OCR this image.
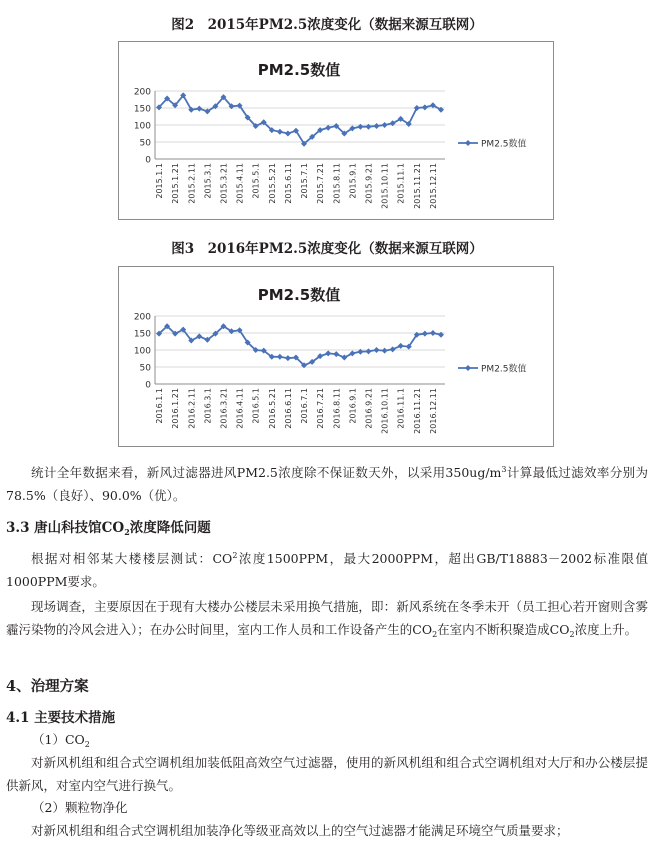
图2　2015年PM2.5浓度变化（数据来源互联网）
PM2.5数值
0
50
100
150
200
2015.1.1 2015.1.21 2015.2.11 2015.3.1 2015.3.21 2015.4.11 2015.5.1 2015.5.21 2015.6.11 2015.7.1 2015.7.21 2015.8.11 2015.9.1 2015.9.21 2015.10.11 2015.11.1 2015.11.21 2015.12.11
PM2.5数值
图3　2016年PM2.5浓度变化（数据来源互联网）
PM2.5数值
0
50
100
150
200
2016.1.1 2016.1.21 2016.2.11 2016.3.1 2016.3.21 2016.4.11 2016.5.1 2016.5.21 2016.6.11 2016.7.1 2016.7.21 2016.8.11 2016.9.1 2016.9.21 2016.10.11 2016.11.1 2016.11.21 2016.12.11
PM2.5数值
统计全年数据来看，新风过滤器进风PM2.5浓度除不保证数天外，以采用$350ug/m^3$计算最低过滤效率分别为78.5%（良好）、90.0%（优）。
3.3 唐山科技馆$CO_2$浓度降低问题
根据对相邻某大楼楼层测试：$CO^2$浓度1500PPM，最大2000PPM，超出GB/T18883－2002标准限值1000PPM要求。
现场调查，主要原因在于现有大楼办公楼层未采用换气措施，即：新风系统在冬季未开（员工担心若开窗则含雾霾污染物的冷风会进入）；在办公时间里，室内工作人员和工作设备产生的$CO_2$在室内不断积聚造成$CO_2$浓度上升。
4、治理方案
4.1 主要技术措施
$(1)CO_2$
对新风机组和组合式空调机组加装低阻高效空气过滤器，使用的新风机组和组合式空调机组对大厅和办公楼层提供新风，对室内空气进行换气。
（2）颗粒物净化
对新风机组和组合式空调机组加装净化等级亚高效以上的空气过滤器才能满足环境空气质量要求；
